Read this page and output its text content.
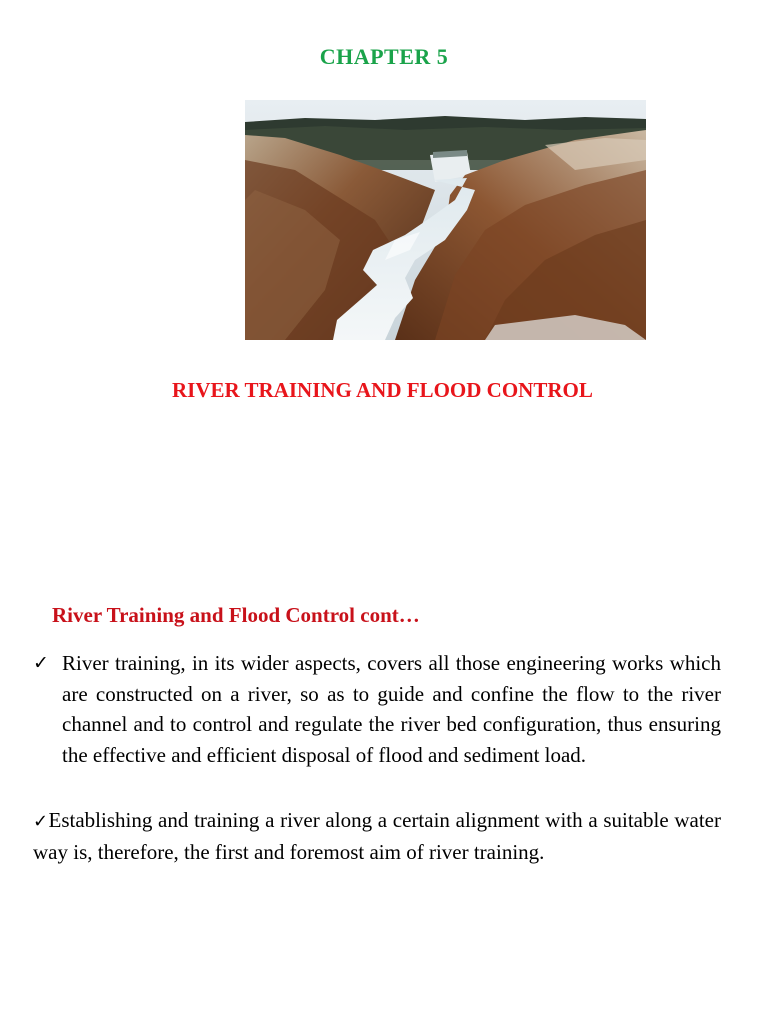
CHAPTER 5
RIVER TRAINING AND FLOOD CONTROL
River Training and Flood Control cont…
✓ River training, in its wider aspects, covers all those engineering works which are constructed on a river, so as to guide and confine the flow to the river channel and to control and regulate the river bed configuration, thus ensuring the effective and efficient disposal of flood and sediment load.
✓Establishing and training a river along a certain alignment with a suitable water way is, therefore, the first and foremost aim of river training.
